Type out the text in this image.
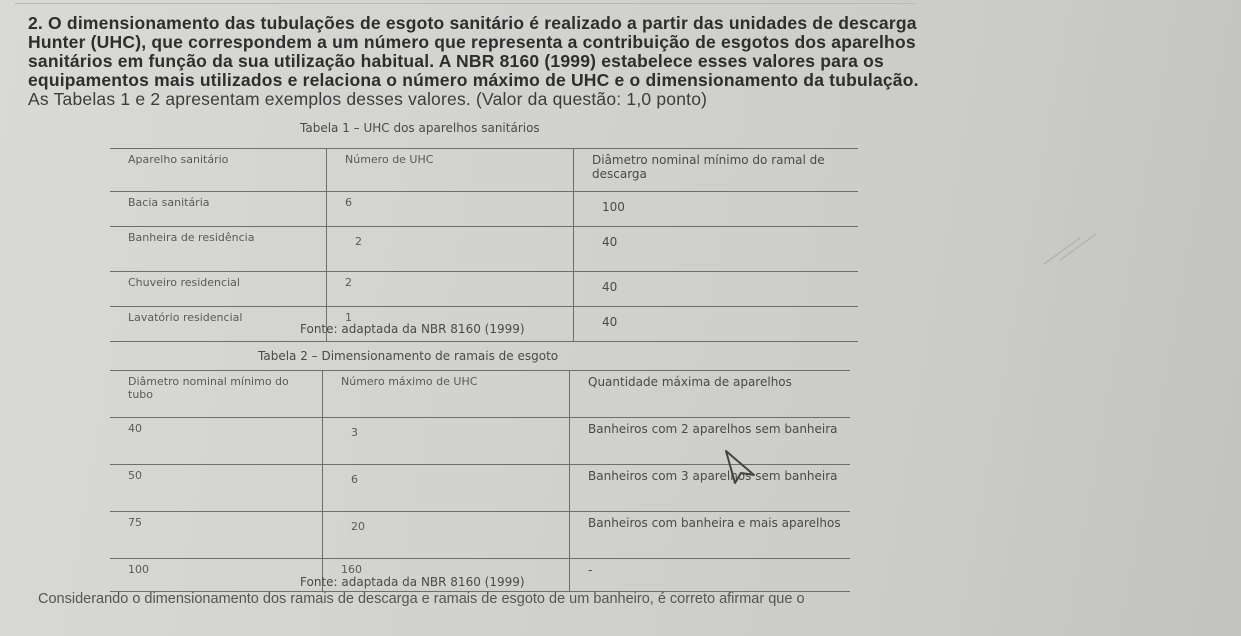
2. O dimensionamento das tubulações de esgoto sanitário é realizado a partir das unidades de descarga
Hunter (UHC), que correspondem a um número que representa a contribuição de esgotos dos aparelhos
sanitários em função da sua utilização habitual. A NBR 8160 (1999) estabelece esses valores para os
equipamentos mais utilizados e relaciona o número máximo de UHC e o dimensionamento da tubulação.
As Tabelas 1 e 2 apresentam exemplos desses valores. (Valor da questão: 1,0 ponto)
Tabela 1 – UHC dos aparelhos sanitários
Aparelho sanitário	Número de UHC	Diâmetro nominal mínimo do ramal de descarga
Bacia sanitária	6	100
Banheira de residência	2	40
Chuveiro residencial	2	40
Lavatório residencial	1	40
Fonte: adaptada da NBR 8160 (1999)
Tabela 2 – Dimensionamento de ramais de esgoto
Diâmetro nominal mínimo do tubo	Número máximo de UHC	Quantidade máxima de aparelhos
40	3	Banheiros com 2 aparelhos sem banheira
50	6	Banheiros com 3 aparelhos sem banheira
75	20	Banheiros com banheira e mais aparelhos
100	160	-
Fonte: adaptada da NBR 8160 (1999)
Considerando o dimensionamento dos ramais de descarga e ramais de esgoto de um banheiro, é correto afirmar que o
